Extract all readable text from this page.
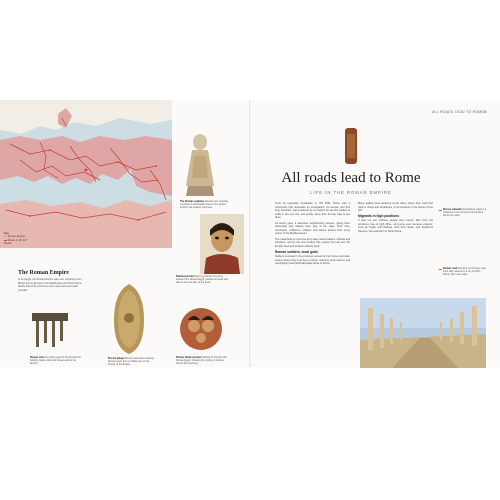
Key
Roman Empire
Roads in AD 117
Roads
The Roman Empire
At its height, the Roman Empire was vast, stretching from Britain across Europe to the Middle East and North Africa. Roads linked the provinces and made travel and trade possible.
The Roman sculpture Roman bust, showing a woman in fashionable dress of the period, found in the eastern provinces.
Painted portrait Mummy portrait of a young woman from Roman Egypt, painted on wood and placed over the face of the dead.
Roman tools Iron tools used by the Romans for building roads, walls and houses across the Empire.
Bronze plaque Bronze decoration showing Roman gods, from a military site on the frontier of the Empire.
Roman family portrait Painting of a family from Roman Egypt, showing the mixing of cultures across the provinces.
ALL ROADS LEAD TO ROME 35
All roads lead to Rome
LIFE IN THE ROMAN EMPIRE

From its legendary foundation in 753 BCE, Rome was a community that depended on immigration. Its founder and first king, Romulus, was protected by an asylum for all who wished to settle in the new city, and people came from all over Italy to live there.

As Rome grew, it absorbed neighbouring peoples, giving them citizenship and making them part of the state. Over time, merchants, craftsmen, soldiers and slaves arrived from every corner of the Mediterranean.

The roads built to move the army also carried traders, officials and travellers, and by the 2nd century CE, people from all over the Empire lived and worked in Rome itself.

Roman soldiers, local gods

Soldiers recruited in the provinces served far from home and often settled where they had been posted, marrying local women and worshipping local gods alongside those of Rome.

Many settlers were attracted to the cities, where they could find work in shops and workshops, or as servants in the homes of the rich.

Migrants in high positions

It was not just ordinary people who moved. Men from the provinces rose to high office, and some even became emperor, such as Trajan and Hadrian, both from Spain, and Septimius Severus, who was born in North Africa.

Bronze statuette Small figure made in a workshop in the provinces and traded along the roads.
Roman road Remains of a Roman road lined with columns in a city in North Africa, still in use today.
